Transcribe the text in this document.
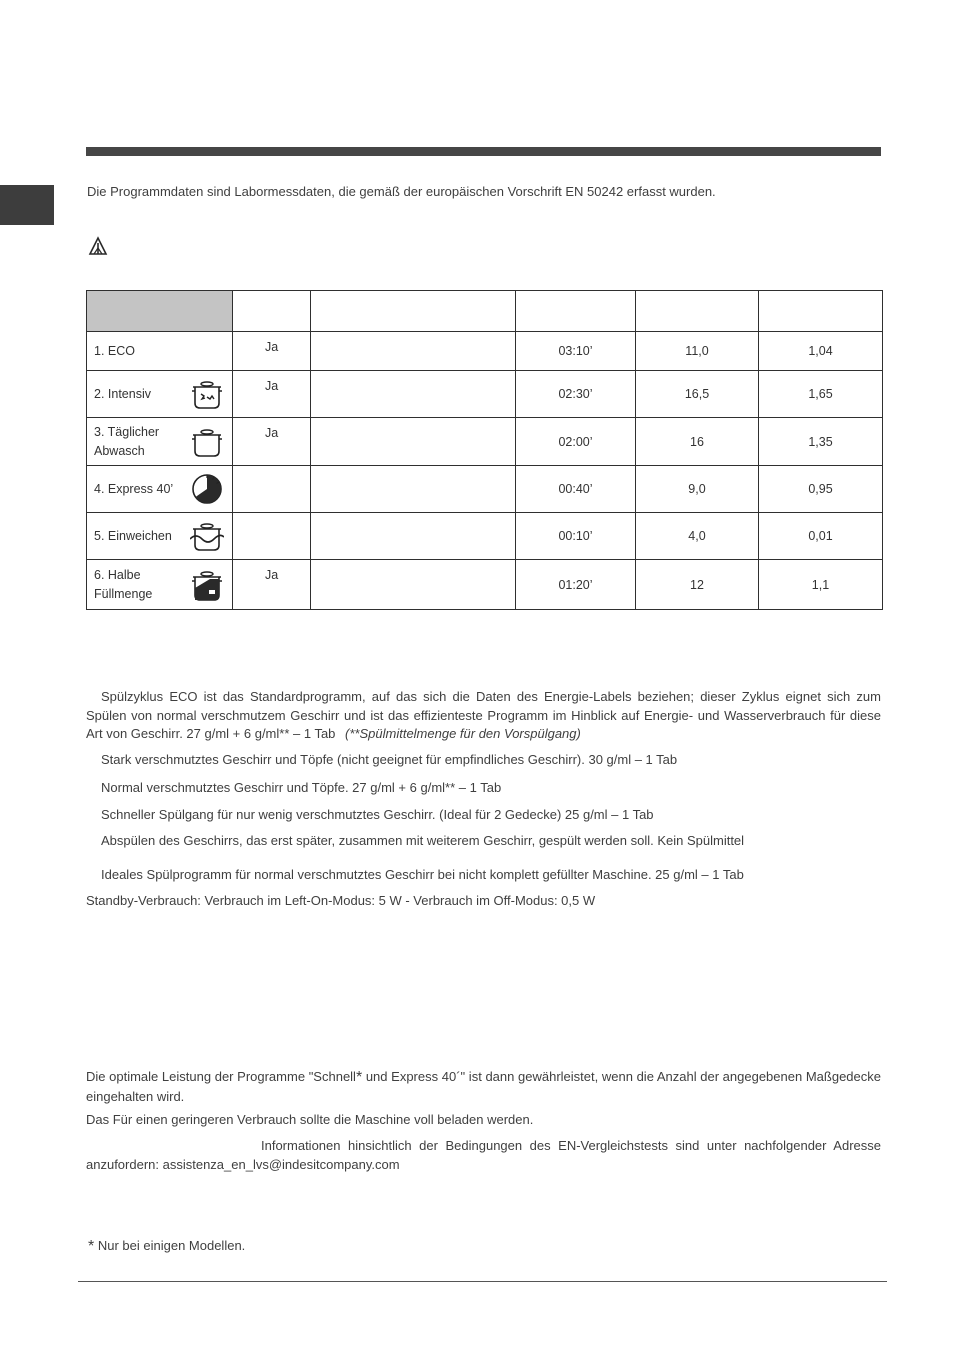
Die Programmdaten sind Labormessdaten, die gemäß der europäischen Vorschrift EN 50242 erfasst wurden.

1. ECO	Ja		03:10’	11,0	1,04
2. Intensiv	Ja		02:30’	16,5	1,65
3. Täglicher Abwasch	Ja		02:00’	16	1,35
4. Express 40’			00:40’	9,0	0,95
5. Einweichen			00:10’	4,0	0,01
6. Halbe Füllmenge	Ja		01:20’	12	1,1
Spülzyklus ECO ist das Standardprogramm, auf das sich die Daten des Energie-Labels beziehen; dieser Zyklus eignet sich zum Spülen von normal verschmutzem Geschirr und ist das effizienteste Programm im Hinblick auf Energie- und Wasserverbrauch für diese Art von Geschirr. 27 g/ml + 6 g/ml** – 1 Tab (**Spülmittelmenge für den Vorspülgang)
Stark verschmutztes Geschirr und Töpfe (nicht geeignet für empfindliches Geschirr). 30 g/ml – 1 Tab
Normal verschmutztes Geschirr und Töpfe. 27 g/ml + 6 g/ml** – 1 Tab
Schneller Spülgang für nur wenig verschmutztes Geschirr. (Ideal für 2 Gedecke) 25 g/ml – 1 Tab
Abspülen des Geschirrs, das erst später, zusammen mit weiterem Geschirr, gespült werden soll. Kein Spülmittel
Ideales Spülprogramm für normal verschmutztes Geschirr bei nicht komplett gefüllter Maschine. 25 g/ml – 1 Tab
Standby-Verbrauch: Verbrauch im Left-On-Modus: 5 W - Verbrauch im Off-Modus: 0,5 W
Die optimale Leistung der Programme "Schnell* und Express 40´" ist dann gewährleistet, wenn die Anzahl der angegebenen Maßgedecke eingehalten wird.
Das Für einen geringeren Verbrauch sollte die Maschine voll beladen werden.
Informationen hinsichtlich der Bedingungen des EN-Vergleichstests sind unter nachfolgender Adresse anzufordern: assistenza_en_lvs@indesitcompany.com
* Nur bei einigen Modellen.
